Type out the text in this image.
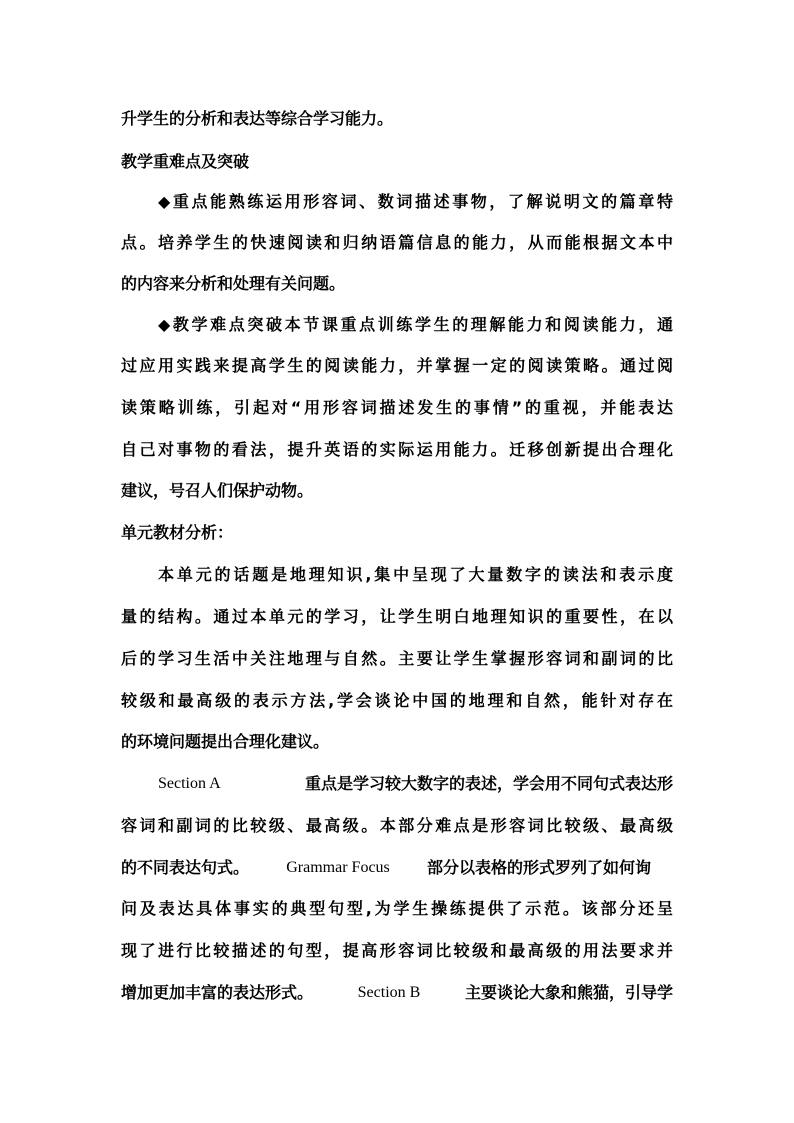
升学生的分析和表达等综合学习能力。
教学重难点及突破
◆重点能熟练运用形容词、数词描述事物，了解说明文的篇章特
点。培养学生的快速阅读和归纳语篇信息的能力，从而能根据文本中
的内容来分析和处理有关问题。
◆教学难点突破本节课重点训练学生的理解能力和阅读能力，通
过应用实践来提高学生的阅读能力，并掌握一定的阅读策略。通过阅
读策略训练，引起对“用形容词描述发生的事情”的重视，并能表达
自己对事物的看法，提升英语的实际运用能力。迁移创新提出合理化
建议，号召人们保护动物。
单元教材分析：
本单元的话题是地理知识,集中呈现了大量数字的读法和表示度
量的结构。通过本单元的学习，让学生明白地理知识的重要性，在以
后的学习生活中关注地理与自然。主要让学生掌握形容词和副词的比
较级和最高级的表示方法,学会谈论中国的地理和自然，能针对存在
的环境问题提出合理化建议。
Section A	重点是学习较大数字的表述，学会用不同句式表达形
容词和副词的比较级、最高级。本部分难点是形容词比较级、最高级
的不同表达句式。 Grammar Focus 部分以表格的形式罗列了如何询
问及表达具体事实的典型句型,为学生操练提供了示范。该部分还呈
现了进行比较描述的句型，提高形容词比较级和最高级的用法要求并
增加更加丰富的表达形式。	Section B	主要谈论大象和熊猫，引导学
